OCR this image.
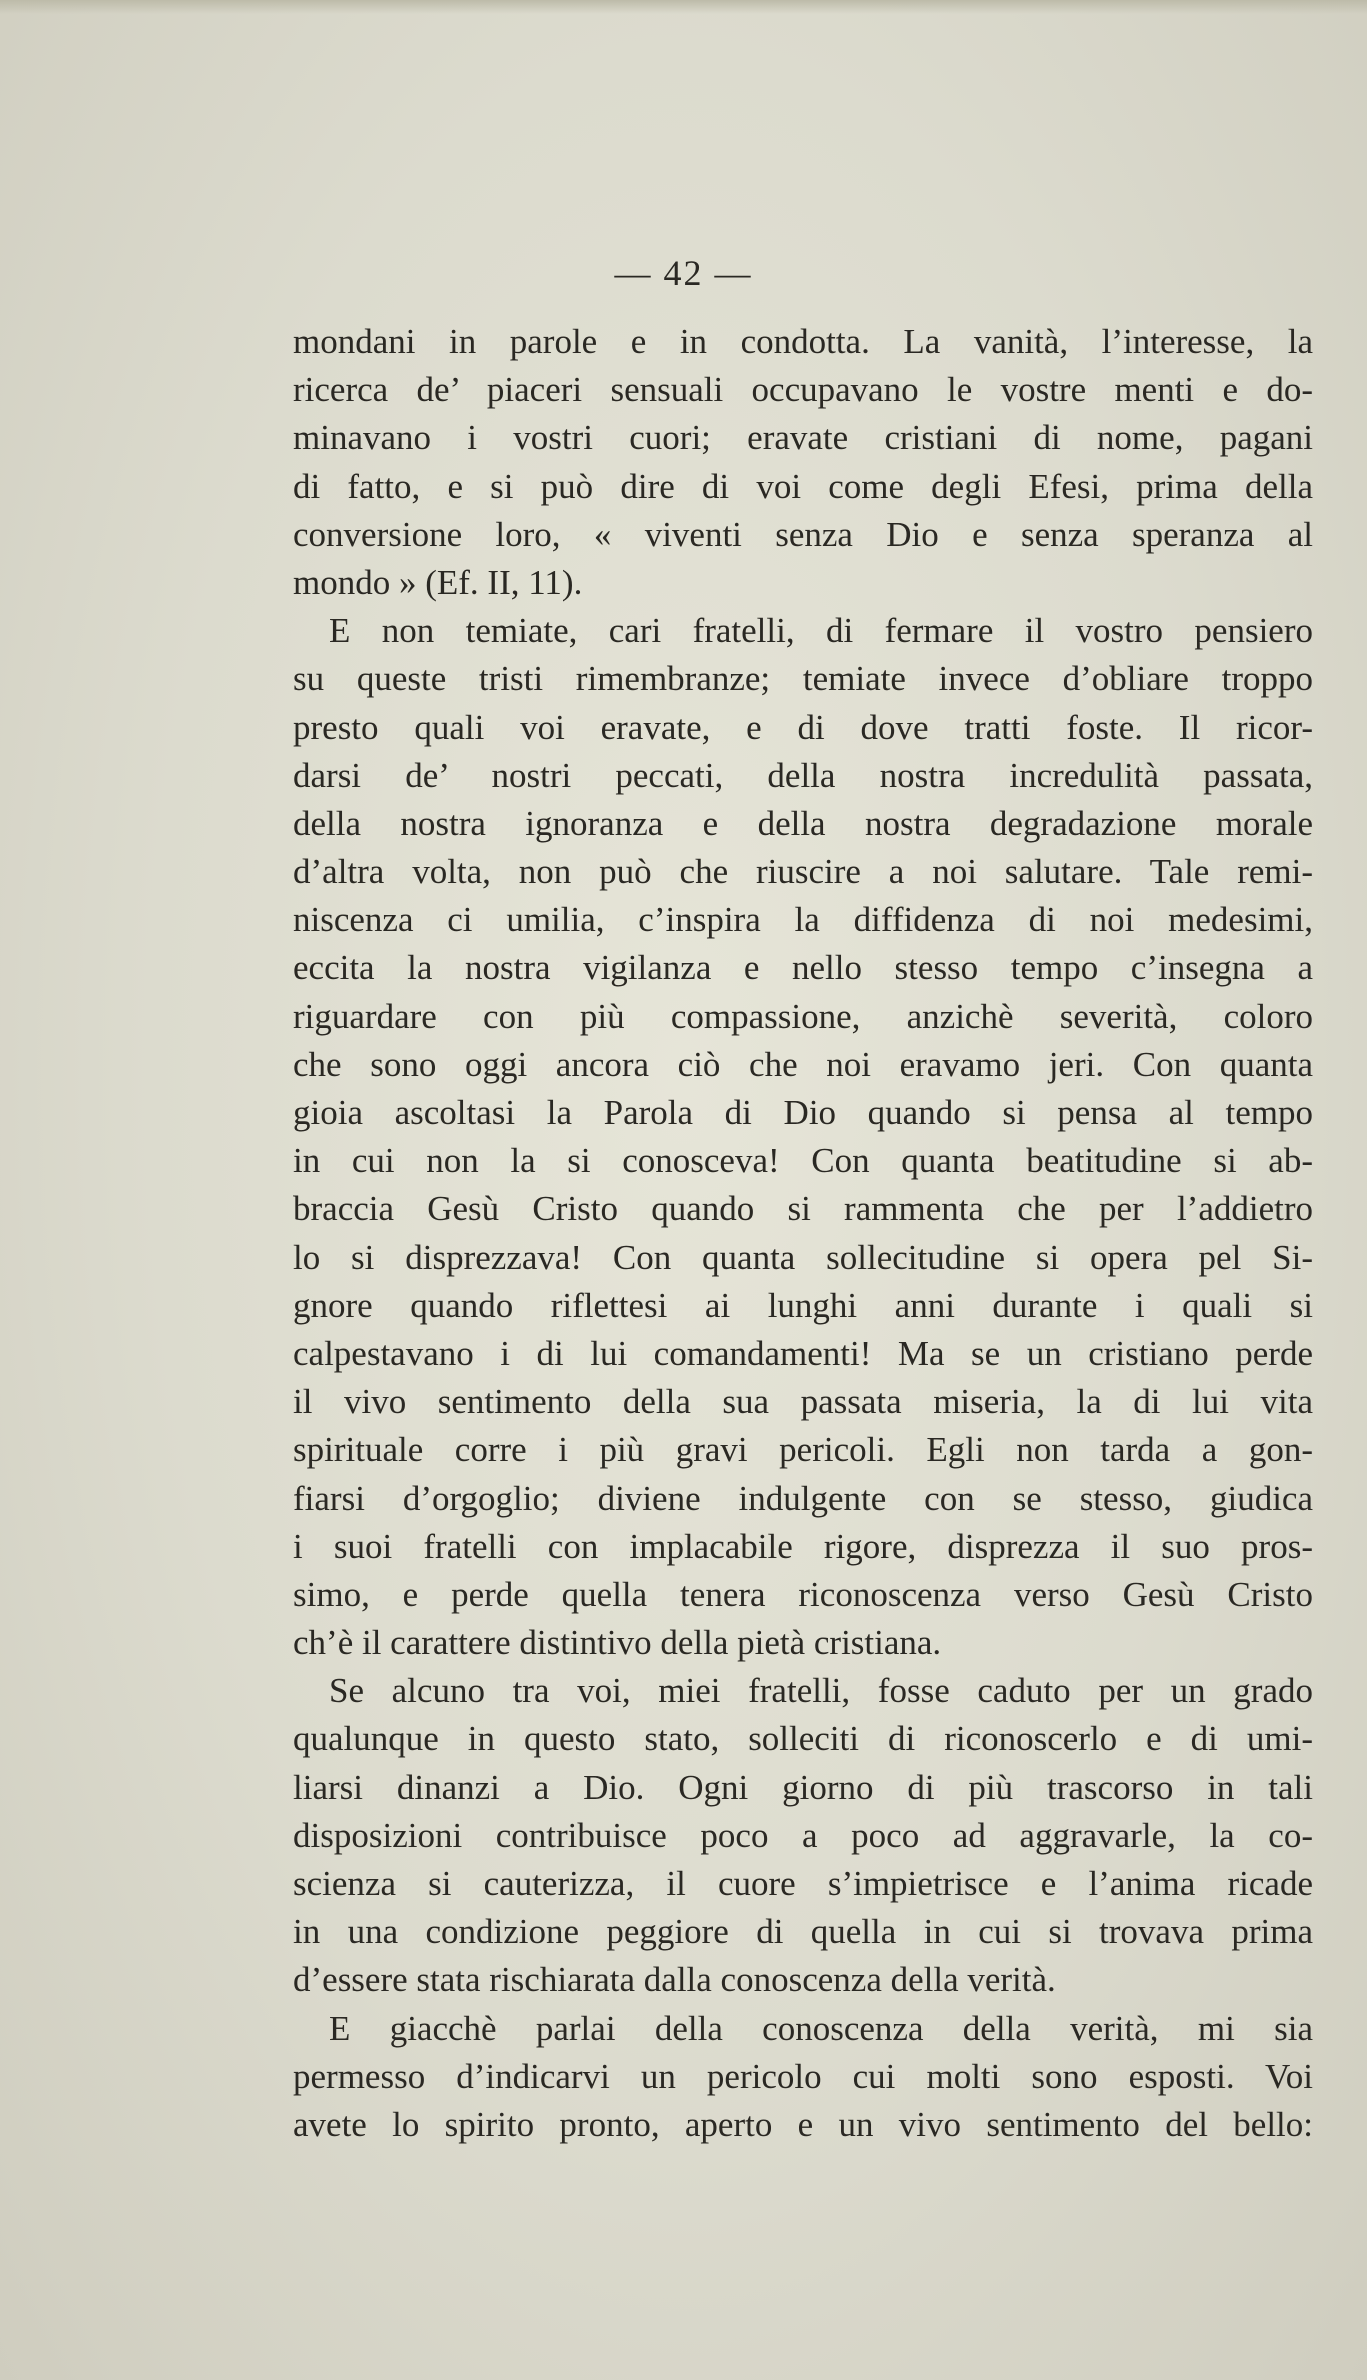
— 42 —
mondani in parole e in condotta. La vanità, l’interesse, la
ricerca de’ piaceri sensuali occupavano le vostre menti e do-
minavano i vostri cuori; eravate cristiani di nome, pagani
di fatto, e si può dire di voi come degli Efesi, prima della
conversione loro, « viventi senza Dio e senza speranza al
mondo » (Ef. II, 11).
E non temiate, cari fratelli, di fermare il vostro pensiero
su queste tristi rimembranze; temiate invece d’obliare troppo
presto quali voi eravate, e di dove tratti foste. Il ricor-
darsi de’ nostri peccati, della nostra incredulità passata,
della nostra ignoranza e della nostra degradazione morale
d’altra volta, non può che riuscire a noi salutare. Tale remi-
niscenza ci umilia, c’inspira la diffidenza di noi medesimi,
eccita la nostra vigilanza e nello stesso tempo c’insegna a
riguardare con più compassione, anzichè severità, coloro
che sono oggi ancora ciò che noi eravamo jeri. Con quanta
gioia ascoltasi la Parola di Dio quando si pensa al tempo
in cui non la si conosceva! Con quanta beatitudine si ab-
braccia Gesù Cristo quando si rammenta che per l’addietro
lo si disprezzava! Con quanta sollecitudine si opera pel Si-
gnore quando riflettesi ai lunghi anni durante i quali si
calpestavano i di lui comandamenti! Ma se un cristiano perde
il vivo sentimento della sua passata miseria, la di lui vita
spirituale corre i più gravi pericoli. Egli non tarda a gon-
fiarsi d’orgoglio; diviene indulgente con se stesso, giudica
i suoi fratelli con implacabile rigore, disprezza il suo pros-
simo, e perde quella tenera riconoscenza verso Gesù Cristo
ch’è il carattere distintivo della pietà cristiana.
Se alcuno tra voi, miei fratelli, fosse caduto per un grado
qualunque in questo stato, solleciti di riconoscerlo e di umi-
liarsi dinanzi a Dio. Ogni giorno di più trascorso in tali
disposizioni contribuisce poco a poco ad aggravarle, la co-
scienza si cauterizza, il cuore s’impietrisce e l’anima ricade
in una condizione peggiore di quella in cui si trovava prima
d’essere stata rischiarata dalla conoscenza della verità.
E giacchè parlai della conoscenza della verità, mi sia
permesso d’indicarvi un pericolo cui molti sono esposti. Voi
avete lo spirito pronto, aperto e un vivo sentimento del bello:
